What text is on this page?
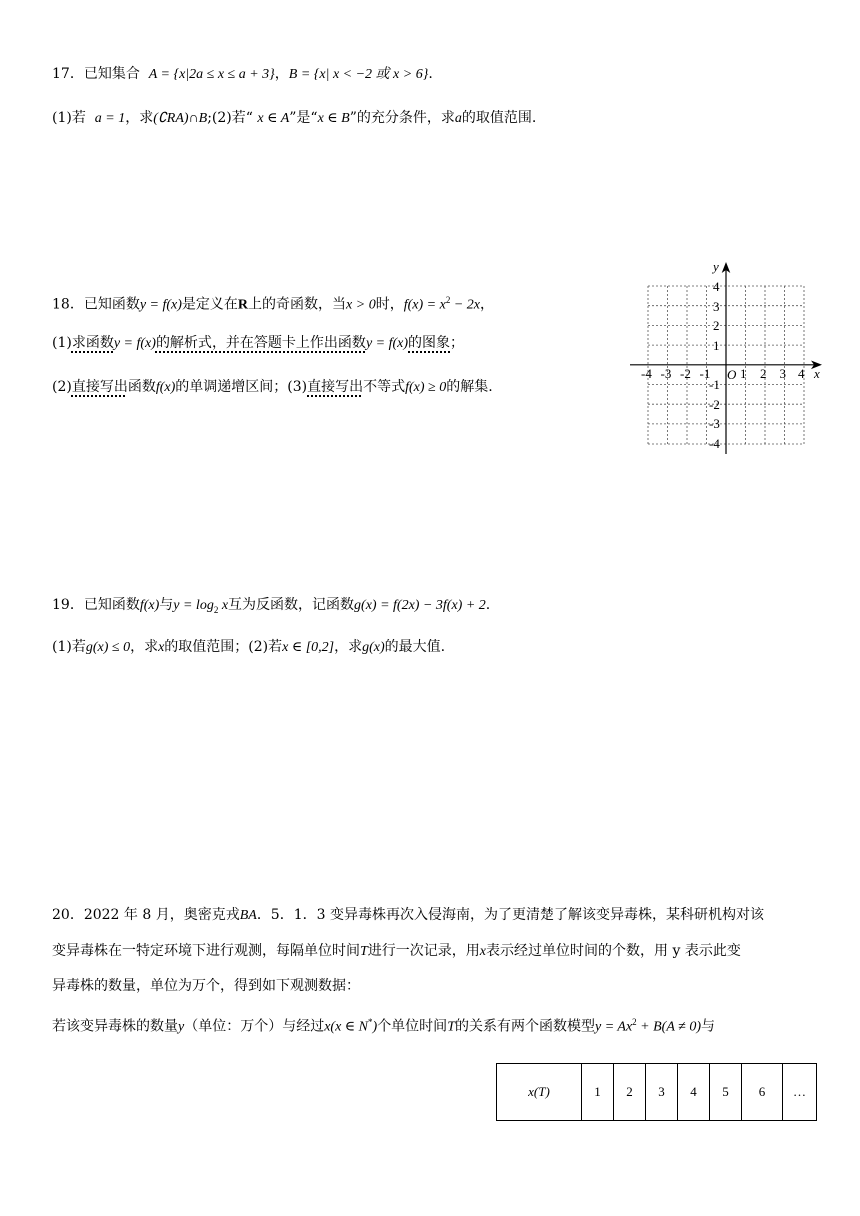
17．已知集合 A = {x|2a ≤ x ≤ a + 3}，B = {x| x < −2 或 x > 6}.
(1)若 a = 1，求(∁RA)∩B;(2)若“ x ∈ A”是“x ∈ B”的充分条件，求a的取值范围.
18．已知函数y = f(x)是定义在R上的奇函数，当x > 0时，$f(x) = x^2 - 2x$，
(1)求函数y = f(x)的解析式，并在答题卡上作出函数y = f(x)的图象；
(2)直接写出函数f(x)的单调递增区间；(3)直接写出不等式f(x) ≥ 0的解集.
y
x
O
-4 -3 -2 -1 1 2 3 4
4
3
2
1
-1
-2
-3
-4
19．已知函数f(x)与$y = \log_2 x$互为反函数，记函数g(x) = f(2x) − 3f(x) + 2.
(1)若g(x) ≤ 0，求x的取值范围；(2)若x ∈ [0,2]，求g(x)的最大值.
20．2022 年 8 月，奥密克戎BA．5．1．3 变异毒株再次入侵海南，为了更清楚了解该变异毒株，某科研机构对该
变异毒株在一特定环境下进行观测，每隔单位时间T进行一次记录，用x表示经过单位时间的个数，用 y 表示此变
异毒株的数量，单位为万个，得到如下观测数据：
若该变异毒株的数量y（单位：万个）与经过x(x ∈ N*)个单位时间T的关系有两个函数模型$y = Ax^2 + B(A \ne 0)$与
x(T)	1	2	3	4	5	6	…
